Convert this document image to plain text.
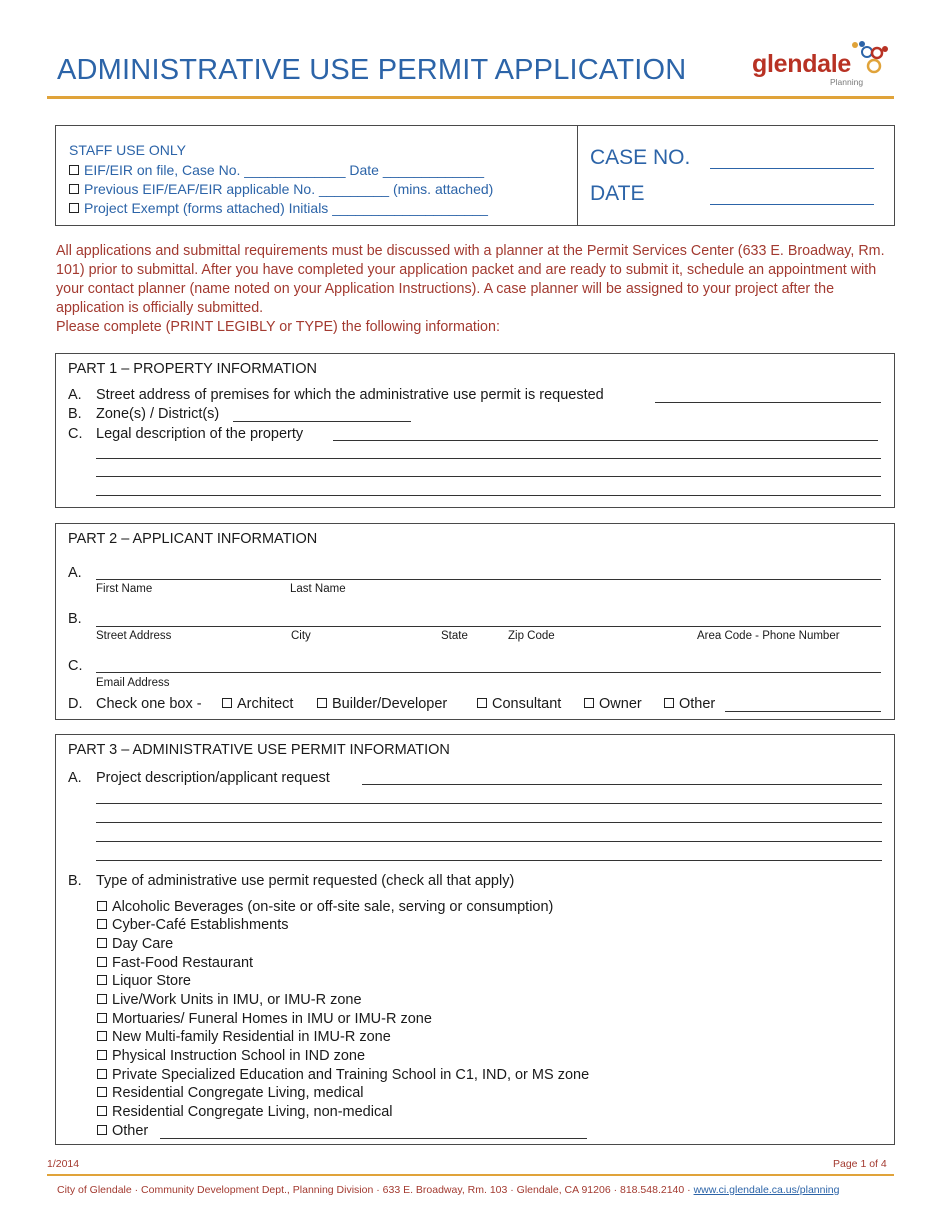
ADMINISTRATIVE USE PERMIT APPLICATION	glendale
Planning
STAFF USE ONLY
EIF/EIR on file, Case No. _____________ Date _____________
Previous EIF/EAF/EIR applicable No. _________ (mins. attached)
Project Exempt (forms attached) Initials ____________________
CASE NO.
DATE

All applications and submittal requirements must be discussed with a planner at the Permit Services Center (633 E. Broadway, Rm. 101) prior to submittal. After you have completed your application packet and are ready to submit it, schedule an appointment with your contact planner (name noted on your Application Instructions). A case planner will be assigned to your project after the application is officially submitted.

Please complete (PRINT LEGIBLY or TYPE) the following information:

PART 1 – PROPERTY INFORMATION
A. Street address of premises for which the administrative use permit is requested
B. Zone(s) / District(s)
C. Legal description of the property
PART 2 – APPLICANT INFORMATION
A.
First Name	Last Name
B.
Street Address	City	State	Zip Code	Area Code - Phone Number
C.
Email Address
D. Check one box -	Architect	Builder/Developer	Consultant	Owner	Other
PART 3 – ADMINISTRATIVE USE PERMIT INFORMATION
A. Project description/applicant request
B. Type of administrative use permit requested (check all that apply)
Alcoholic Beverages (on-site or off-site sale, serving or consumption)
Cyber-Café Establishments
Day Care
Fast-Food Restaurant
Liquor Store
Live/Work Units in IMU, or IMU-R zone
Mortuaries/ Funeral Homes in IMU or IMU-R zone
New Multi-family Residential in IMU-R zone
Physical Instruction School in IND zone
Private Specialized Education and Training School in C1, IND, or MS zone
Residential Congregate Living, medical
Residential Congregate Living, non-medical
Other
1/2014	Page 1 of 4
City of Glendale · Community Development Dept., Planning Division · 633 E. Broadway, Rm. 103 · Glendale, CA 91206 · 818.548.2140 · www.ci.glendale.ca.us/planning
